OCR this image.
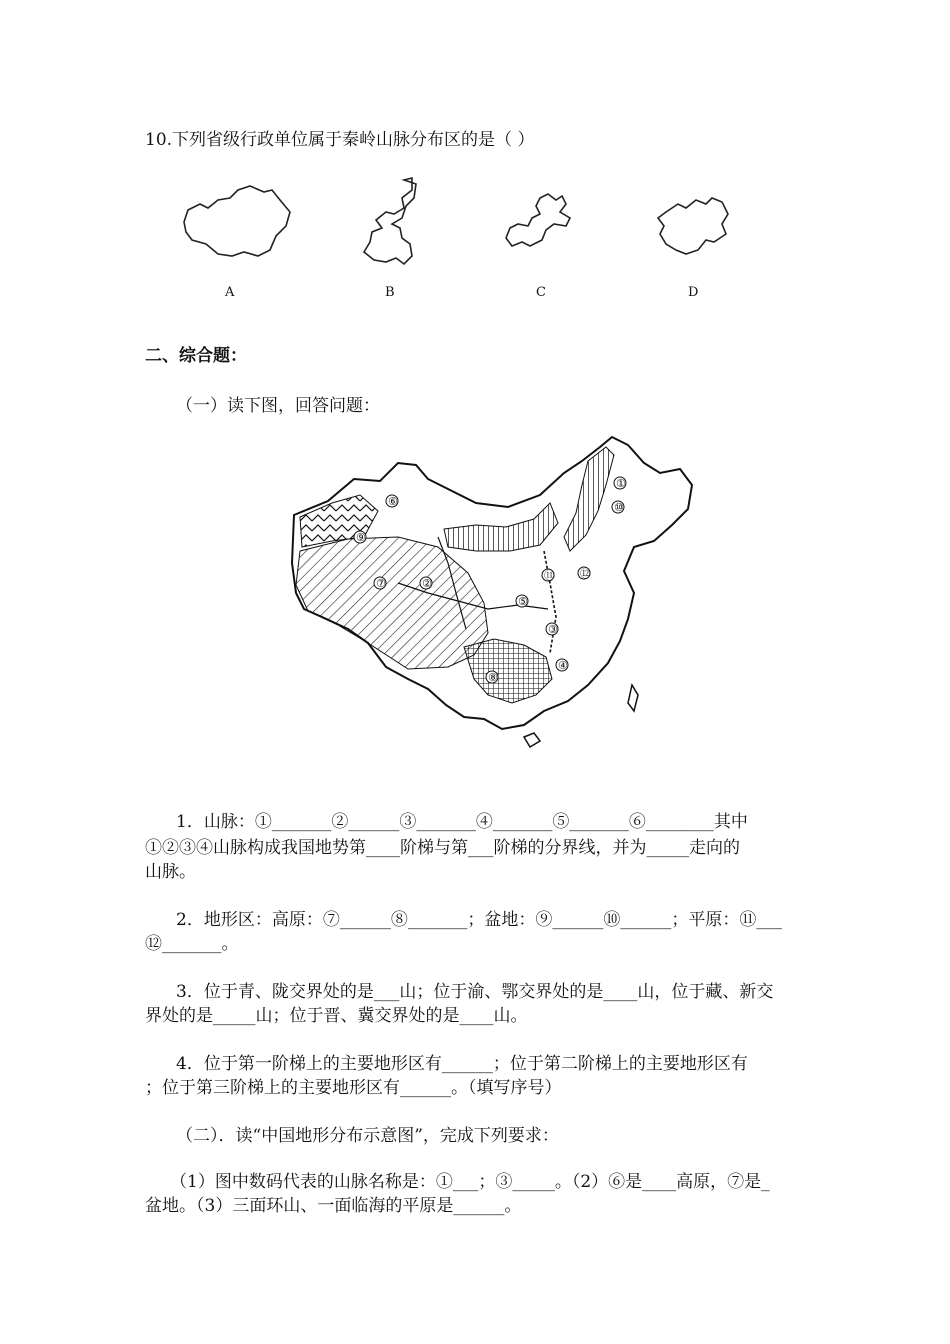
10.下列省级行政单位属于秦岭山脉分布区的是（ ）
A	B	C	D
二、综合题：
（一）读下图，回答问题：
①
②
③
④
⑤
⑥
⑦
⑧
⑨
⑩
⑪ ⑫
1．山脉：①_______②______③_______④_______⑤_______⑥________其中
①②③④山脉构成我国地势第____阶梯与第___阶梯的分界线，并为_____走向的
山脉。
2．地形区：高原：⑦______⑧_______；盆地：⑨______⑩______；平原：⑪___
⑫_______。
3．位于青、陇交界处的是___山；位于渝、鄂交界处的是____山，位于藏、新交
界处的是_____山；位于晋、冀交界处的是____山。
4．位于第一阶梯上的主要地形区有______；位于第二阶梯上的主要地形区有
；位于第三阶梯上的主要地形区有______。（填写序号）
（二）．读“中国地形分布示意图”，完成下列要求：
（1）图中数码代表的山脉名称是：①___；③_____。（2）⑥是____高原，⑦是_
盆地。（3）三面环山、一面临海的平原是______。
